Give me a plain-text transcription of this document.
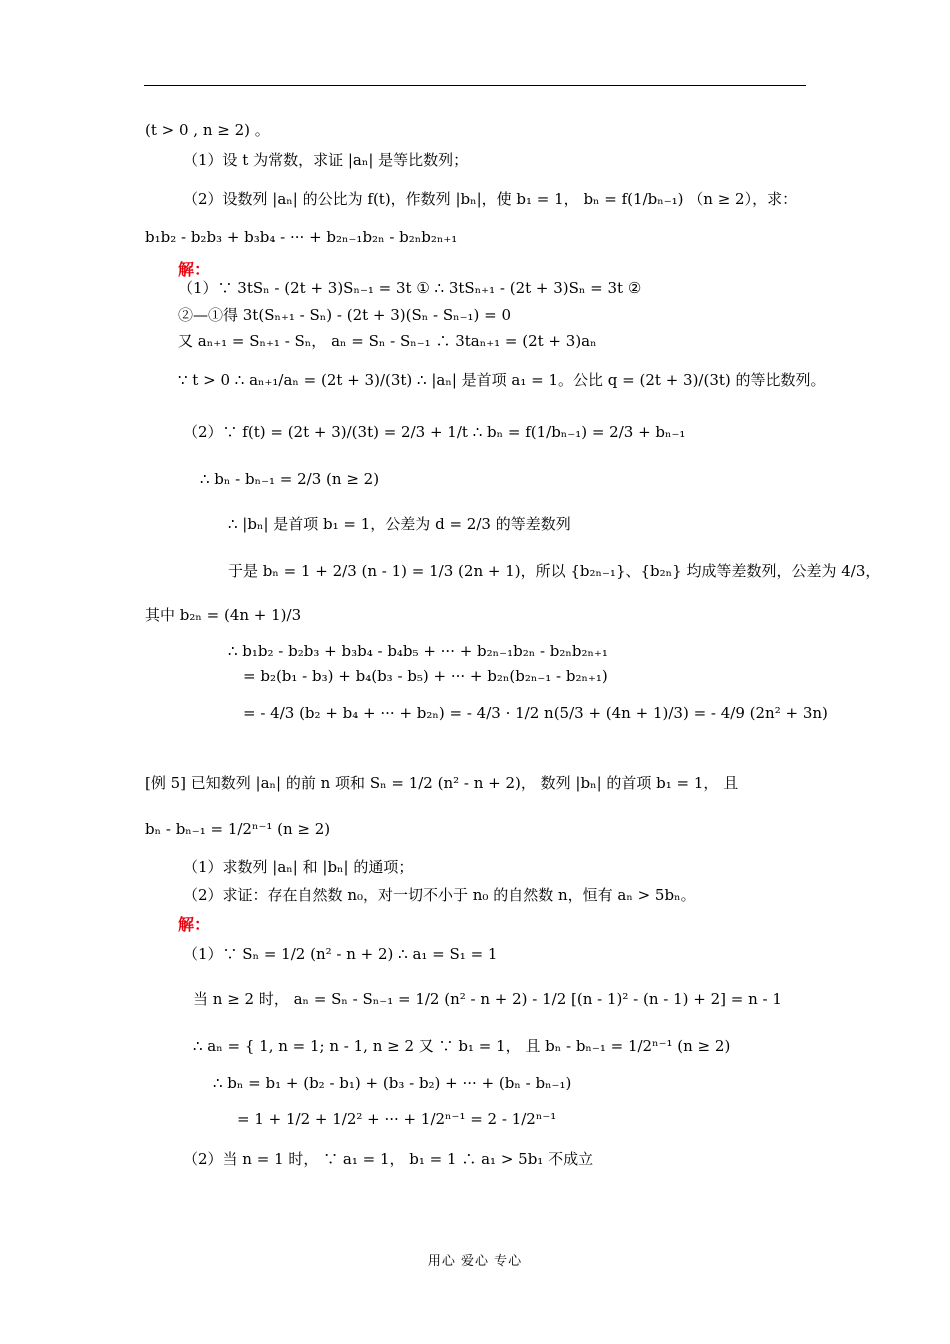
(t > 0 , n ≥ 2) 。
（1）设 t 为常数，求证 |aₙ| 是等比数列；
（2）设数列 |aₙ| 的公比为 f(t)，作数列 |bₙ|，使 b₁ = 1， bₙ = f(1/bₙ₋₁) （n ≥ 2），求：
b₁b₂ - b₂b₃ + b₃b₄ - ··· + b₂ₙ₋₁b₂ₙ - b₂ₙb₂ₙ₊₁
解：
（1）∵ 3tSₙ - (2t + 3)Sₙ₋₁ = 3t ① ∴ 3tSₙ₊₁ - (2t + 3)Sₙ = 3t ②
②—①得 3t(Sₙ₊₁ - Sₙ) - (2t + 3)(Sₙ - Sₙ₋₁) = 0
又 aₙ₊₁ = Sₙ₊₁ - Sₙ， aₙ = Sₙ - Sₙ₋₁ ∴ 3taₙ₊₁ = (2t + 3)aₙ
∵ t > 0 ∴ aₙ₊₁/aₙ = (2t + 3)/(3t) ∴ |aₙ| 是首项 a₁ = 1。公比 q = (2t + 3)/(3t) 的等比数列。
（2）∵ f(t) = (2t + 3)/(3t) = 2/3 + 1/t ∴ bₙ = f(1/bₙ₋₁) = 2/3 + bₙ₋₁
∴ bₙ - bₙ₋₁ = 2/3 (n ≥ 2)
∴ |bₙ| 是首项 b₁ = 1，公差为 d = 2/3 的等差数列
于是 bₙ = 1 + 2/3 (n - 1) = 1/3 (2n + 1)，所以 {b₂ₙ₋₁}、{b₂ₙ} 均成等差数列，公差为 4/3，
其中 b₂ₙ = (4n + 1)/3
∴ b₁b₂ - b₂b₃ + b₃b₄ - b₄b₅ + ··· + b₂ₙ₋₁b₂ₙ - b₂ₙb₂ₙ₊₁
= b₂(b₁ - b₃) + b₄(b₃ - b₅) + ··· + b₂ₙ(b₂ₙ₋₁ - b₂ₙ₊₁)
= - 4/3 (b₂ + b₄ + ··· + b₂ₙ) = - 4/3 · 1/2 n(5/3 + (4n + 1)/3) = - 4/9 (2n² + 3n)
[例 5] 已知数列 |aₙ| 的前 n 项和 Sₙ = 1/2 (n² - n + 2)， 数列 |bₙ| 的首项 b₁ = 1， 且
bₙ - bₙ₋₁ = 1/2ⁿ⁻¹ (n ≥ 2)
（1）求数列 |aₙ| 和 |bₙ| 的通项；
（2）求证：存在自然数 n₀，对一切不小于 n₀ 的自然数 n，恒有 aₙ > 5bₙ。
解：
（1）∵ Sₙ = 1/2 (n² - n + 2) ∴ a₁ = S₁ = 1
当 n ≥ 2 时， aₙ = Sₙ - Sₙ₋₁ = 1/2 (n² - n + 2) - 1/2 [(n - 1)² - (n - 1) + 2] = n - 1
∴ aₙ = { 1, n = 1; n - 1, n ≥ 2 又 ∵ b₁ = 1， 且 bₙ - bₙ₋₁ = 1/2ⁿ⁻¹ (n ≥ 2)
∴ bₙ = b₁ + (b₂ - b₁) + (b₃ - b₂) + ··· + (bₙ - bₙ₋₁)
= 1 + 1/2 + 1/2² + ··· + 1/2ⁿ⁻¹ = 2 - 1/2ⁿ⁻¹
（2）当 n = 1 时， ∵ a₁ = 1， b₁ = 1 ∴ a₁ > 5b₁ 不成立
用心 爱心 专心
